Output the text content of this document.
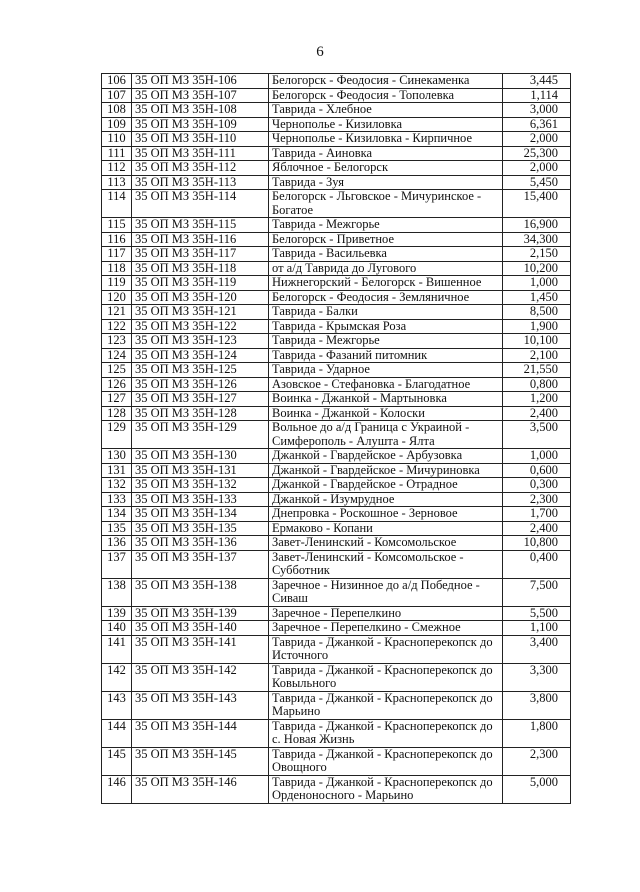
6
106	35 ОП МЗ 35Н-106	Белогорск - Феодосия - Синекаменка	3,445
107	35 ОП МЗ 35Н-107	Белогорск - Феодосия - Тополевка	1,114
108	35 ОП МЗ 35Н-108	Таврида - Хлебное	3,000
109	35 ОП МЗ 35Н-109	Чернополье - Кизиловка	6,361
110	35 ОП МЗ 35Н-110	Чернополье - Кизиловка - Кирпичное	2,000
111	35 ОП МЗ 35Н-111	Таврида - Аиновка	25,300
112	35 ОП МЗ 35Н-112	Яблочное - Белогорск	2,000
113	35 ОП МЗ 35Н-113	Таврида - Зуя	5,450
114	35 ОП МЗ 35Н-114	Белогорск - Льговское - Мичуринское - Богатое	15,400
115	35 ОП МЗ 35Н-115	Таврида - Межгорье	16,900
116	35 ОП МЗ 35Н-116	Белогорск - Приветное	34,300
117	35 ОП МЗ 35Н-117	Таврида - Васильевка	2,150
118	35 ОП МЗ 35Н-118	от а/д Таврида до Лугового	10,200
119	35 ОП МЗ 35Н-119	Нижнегорский - Белогорск - Вишенное	1,000
120	35 ОП МЗ 35Н-120	Белогорск - Феодосия - Земляничное	1,450
121	35 ОП МЗ 35Н-121	Таврида - Балки	8,500
122	35 ОП МЗ 35Н-122	Таврида - Крымская Роза	1,900
123	35 ОП МЗ 35Н-123	Таврида - Межгорье	10,100
124	35 ОП МЗ 35Н-124	Таврида - Фазаний питомник	2,100
125	35 ОП МЗ 35Н-125	Таврида - Ударное	21,550
126	35 ОП МЗ 35Н-126	Азовское - Стефановка - Благодатное	0,800
127	35 ОП МЗ 35Н-127	Воинка - Джанкой - Мартыновка	1,200
128	35 ОП МЗ 35Н-128	Воинка - Джанкой - Колоски	2,400
129	35 ОП МЗ 35Н-129	Вольное до а/д Граница с Украиной - Симферополь - Алушта - Ялта	3,500
130	35 ОП МЗ 35Н-130	Джанкой - Гвардейское - Арбузовка	1,000
131	35 ОП МЗ 35Н-131	Джанкой - Гвардейское - Мичуриновка	0,600
132	35 ОП МЗ 35Н-132	Джанкой - Гвардейское - Отрадное	0,300
133	35 ОП МЗ 35Н-133	Джанкой - Изумрудное	2,300
134	35 ОП МЗ 35Н-134	Днепровка - Роскошное - Зерновое	1,700
135	35 ОП МЗ 35Н-135	Ермаково - Копани	2,400
136	35 ОП МЗ 35Н-136	Завет-Ленинский - Комсомольское	10,800
137	35 ОП МЗ 35Н-137	Завет-Ленинский - Комсомольское - Субботник	0,400
138	35 ОП МЗ 35Н-138	Заречное - Низинное до а/д Победное - Сиваш	7,500
139	35 ОП МЗ 35Н-139	Заречное - Перепелкино	5,500
140	35 ОП МЗ 35Н-140	Заречное - Перепелкино - Смежное	1,100
141	35 ОП МЗ 35Н-141	Таврида - Джанкой - Красноперекопск до Источного	3,400
142	35 ОП МЗ 35Н-142	Таврида - Джанкой - Красноперекопск до Ковыльного	3,300
143	35 ОП МЗ 35Н-143	Таврида - Джанкой - Красноперекопск до Марьино	3,800
144	35 ОП МЗ 35Н-144	Таврида - Джанкой - Красноперекопск до с. Новая Жизнь	1,800
145	35 ОП МЗ 35Н-145	Таврида - Джанкой - Красноперекопск до Овощного	2,300
146	35 ОП МЗ 35Н-146	Таврида - Джанкой - Красноперекопск до Орденоносного - Марьино	5,000
